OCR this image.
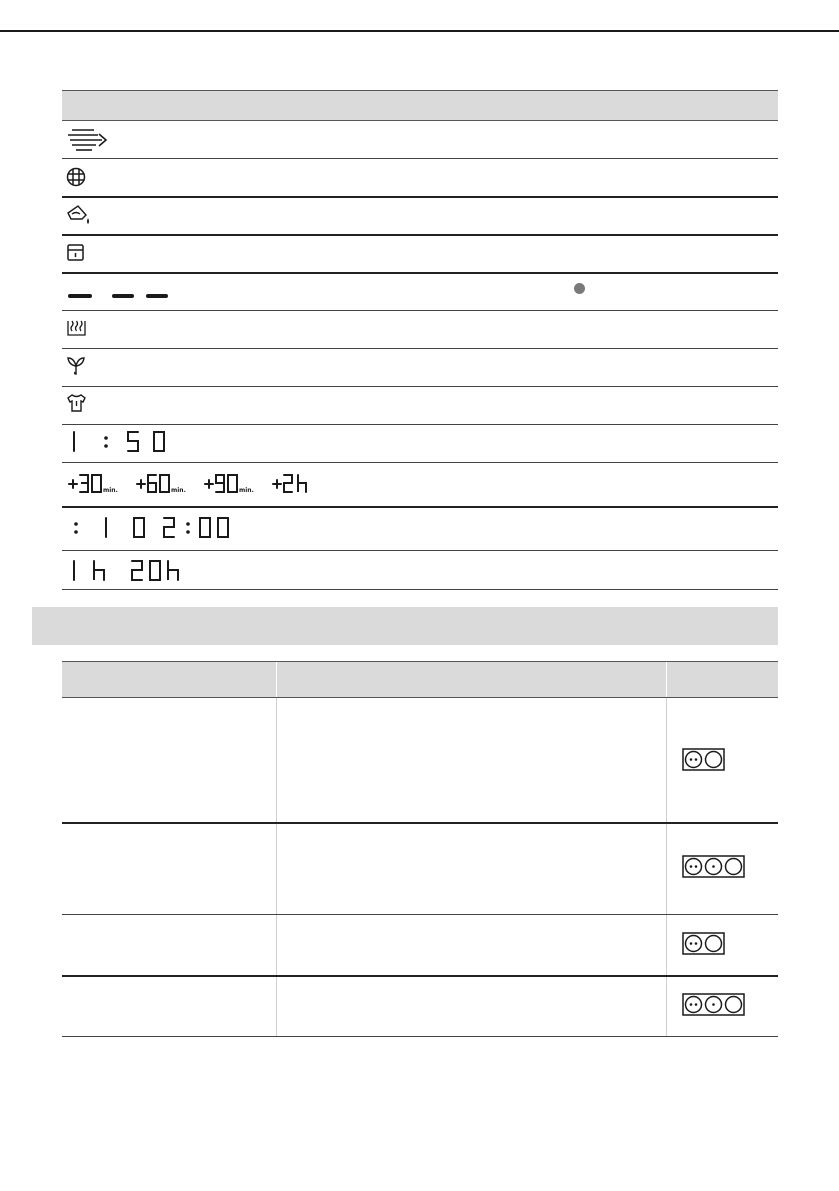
min.	min.	min.
